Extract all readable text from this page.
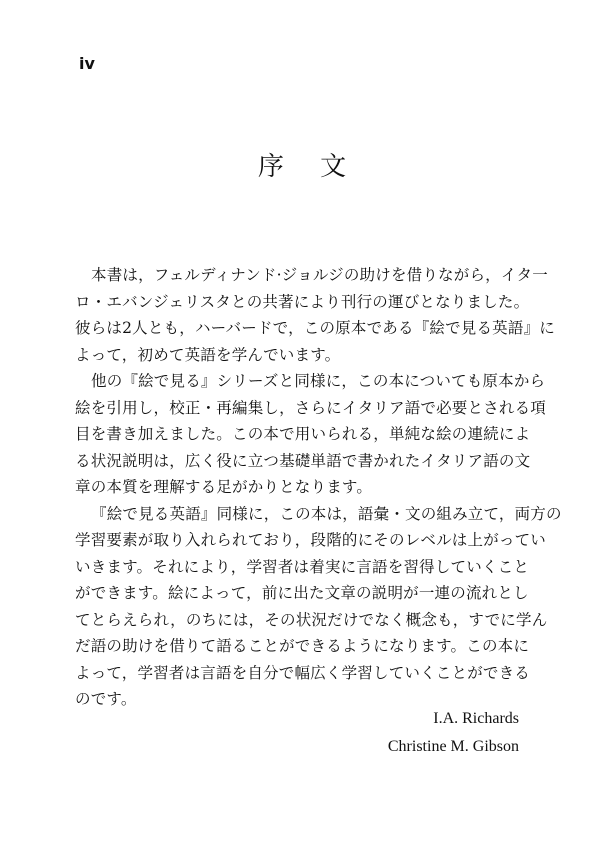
iv
序 文
本書は，フェルディナンド·ジョルジの助けを借りながら，イタ一
ロ・エバンジェリスタとの共著により刊行の運びとなりました。
彼らは2人とも，ハーバードで，この原本である『絵で見る英語』に
よって，初めて英語を学んでいます。
他の『絵で見る』シリーズと同様に，この本についても原本から
絵を引用し，校正・再編集し，さらにイタリア語で必要とされる項
目を書き加えました。この本で用いられる，単純な絵の連続によ
る状況説明は，広く役に立つ基礎単語で書かれたイタリア語の文
章の本質を理解する足がかりとなります。
『絵で見る英語』同様に，この本は，語彙・文の組み立て，両方の
学習要素が取り入れられており，段階的にそのレベルは上がってい
いきます。それにより，学習者は着実に言語を習得していくこと
ができます。絵によって，前に出た文章の説明が一連の流れとし
てとらえられ，のちには，その状況だけでなく概念も，すでに学ん
だ語の助けを借りて語ることができるようになります。この本に
よって，学習者は言語を自分で幅広く学習していくことができる
のです。
I.A. Richards
Christine M. Gibson
